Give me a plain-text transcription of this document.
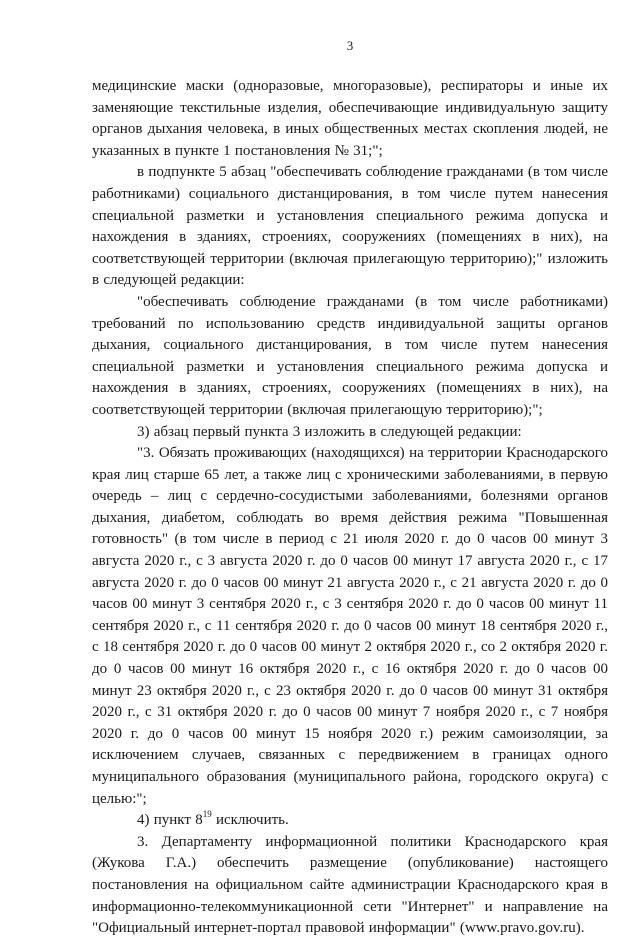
3

медицинские маски (одноразовые, многоразовые), респираторы и иные их заменяющие текстильные изделия, обеспечивающие индивидуальную защиту органов дыхания человека, в иных общественных местах скопления людей, не указанных в пункте 1 постановления № 31;";

в подпункте 5 абзац "обеспечивать соблюдение гражданами (в том числе работниками) социального дистанцирования, в том числе путем нанесения специальной разметки и установления специального режима допуска и нахождения в зданиях, строениях, сооружениях (помещениях в них), на соответствующей территории (включая прилегающую территорию);" изложить в следующей редакции:

"обеспечивать соблюдение гражданами (в том числе работниками) требований по использованию средств индивидуальной защиты органов дыхания, социального дистанцирования, в том числе путем нанесения специальной разметки и установления специального режима допуска и нахождения в зданиях, строениях, сооружениях (помещениях в них), на соответствующей территории (включая прилегающую территорию);";

3) абзац первый пункта 3 изложить в следующей редакции:

"3. Обязать проживающих (находящихся) на территории Краснодарского края лиц старше 65 лет, а также лиц с хроническими заболеваниями, в первую очередь – лиц с сердечно-сосудистыми заболеваниями, болезнями органов дыхания, диабетом, соблюдать во время действия режима "Повышенная готовность" (в том числе в период с 21 июля 2020 г. до 0 часов 00 минут 3 августа 2020 г., с 3 августа 2020 г. до 0 часов 00 минут 17 августа 2020 г., с 17 августа 2020 г. до 0 часов 00 минут 21 августа 2020 г., с 21 августа 2020 г. до 0 часов 00 минут 3 сентября 2020 г., с 3 сентября 2020 г. до 0 часов 00 минут 11 сентября 2020 г., с 11 сентября 2020 г. до 0 часов 00 минут 18 сентября 2020 г., с 18 сентября 2020 г. до 0 часов 00 минут 2 октября 2020 г., со 2 октября 2020 г. до 0 часов 00 минут 16 октября 2020 г., с 16 октября 2020 г. до 0 часов 00 минут 23 октября 2020 г., с 23 октября 2020 г. до 0 часов 00 минут 31 октября 2020 г., с 31 октября 2020 г. до 0 часов 00 минут 7 ноября 2020 г., с 7 ноября 2020 г. до 0 часов 00 минут 15 ноября 2020 г.) режим самоизоляции, за исключением случаев, связанных с передвижением в границах одного муниципального образования (муниципального района, городского округа) с целью:";

4) пункт $8^{19}$ исключить.

3. Департаменту информационной политики Краснодарского края (Жукова Г.А.) обеспечить размещение (опубликование) настоящего постановления на официальном сайте администрации Краснодарского края в информационно-телекоммуникационной сети "Интернет" и направление на "Официальный интернет-портал правовой информации" (www.pravo.gov.ru).
